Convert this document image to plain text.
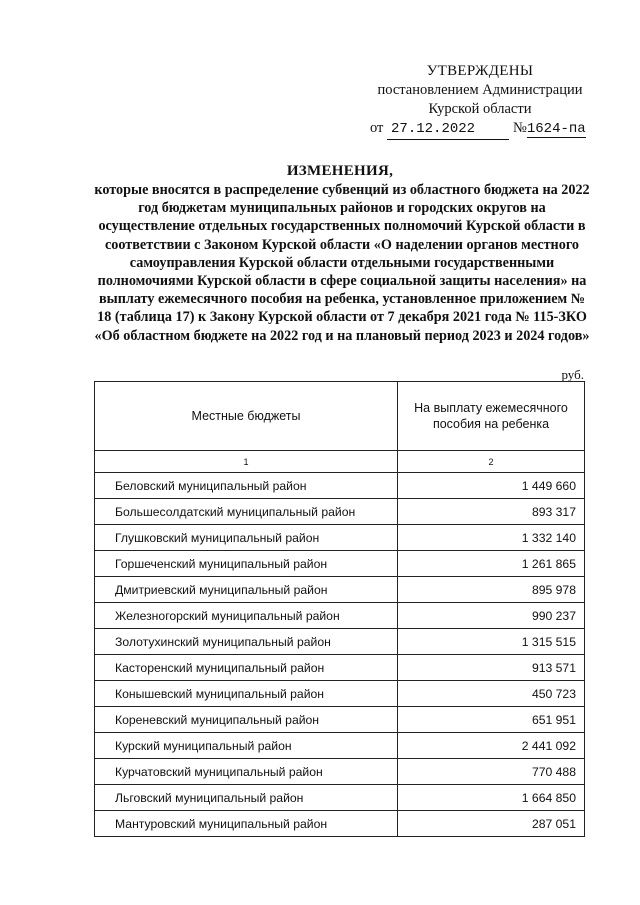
УТВЕРЖДЕНЫ
постановлением Администрации
Курской области
от 27.12.2022	№1624-па
ИЗМЕНЕНИЯ,
которые вносятся в распределение субвенций из областного бюджета на 2022 год бюджетам муниципальных районов и городских округов на осуществление отдельных государственных полномочий Курской области в соответствии с Законом Курской области «О наделении органов местного самоуправления Курской области отдельными государственными полномочиями Курской области в сфере социальной защиты населения» на выплату ежемесячного пособия на ребенка, установленное приложением № 18 (таблица 17) к Закону Курской области от 7 декабря 2021 года № 115-ЗКО «Об областном бюджете на 2022 год и на плановый период 2023 и 2024 годов»
руб.
Местные бюджеты	На выплату ежемесячного пособия на ребенка
1	2
Беловский муниципальный район	1 449 660
Большесолдатский муниципальный район	893 317
Глушковский муниципальный район	1 332 140
Горшеченский муниципальный район	1 261 865
Дмитриевский муниципальный район	895 978
Железногорский муниципальный район	990 237
Золотухинский муниципальный район	1 315 515
Касторенский муниципальный район	913 571
Конышевский муниципальный район	450 723
Кореневский муниципальный район	651 951
Курский муниципальный район	2 441 092
Курчатовский муниципальный район	770 488
Льговский муниципальный район	1 664 850
Мантуровский муниципальный район	287 051
